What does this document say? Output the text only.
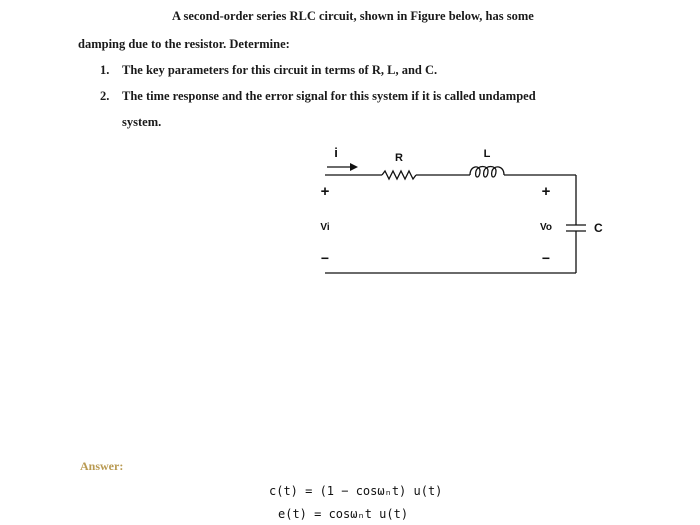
A second-order series RLC circuit, shown in Figure below, has some
damping due to the resistor. Determine:
1. The key parameters for this circuit in terms of R, L, and C.
2. The time response and the error signal for this system if it is called undamped
system.
i	R	L
C
+
Vi
−
+
Vo
−
Answer:
c(t) = (1 − cosωₙt) u(t)
e(t) = cosωₙt u(t)
